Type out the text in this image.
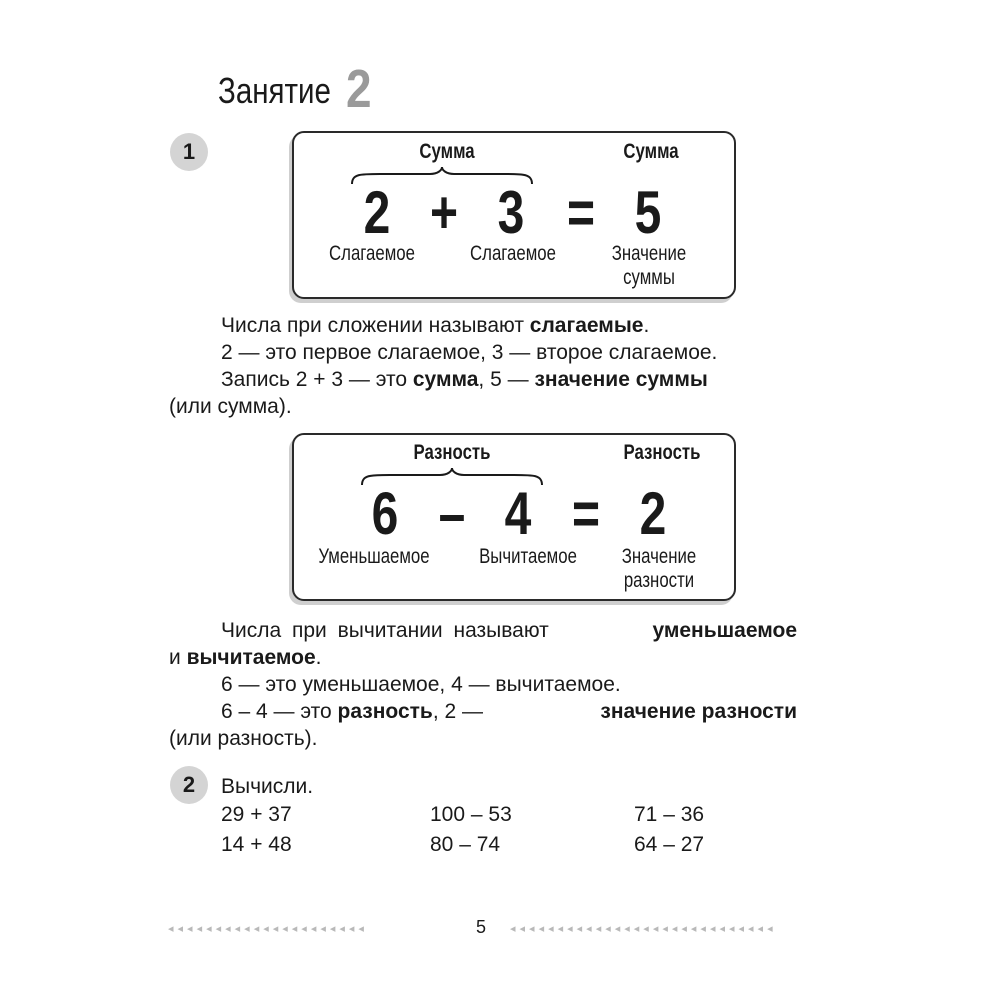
Занятие 2
1	Сумма	Сумма
2 + 3 = 5
Слагаемое	Слагаемое	Значение
суммы
Числа при сложении называют слагаемые.
2 — это первое слагаемое, 3 — второе слагаемое.
Запись 2 + 3 — это сумма, 5 — значение суммы
(или сумма).
Разность	Разность
6 – 4 = 2
Уменьшаемое	Вычитаемое	Значение
разности
Числа при вычитании называют	уменьшаемое
и вычитаемое.
6 — это уменьшаемое, 4 — вычитаемое.
6 – 4 — это разность, 2 —	значение разности
(или разность).
2 Вычисли.
29 + 37	100 – 53	71 – 36
14 + 48	80 – 74	64 – 27
◂◂◂◂◂◂◂◂◂◂◂◂◂◂◂◂◂◂◂◂◂	5 ◂◂◂◂◂◂◂◂◂◂◂◂◂◂◂◂◂◂◂◂◂◂◂◂◂◂◂◂
